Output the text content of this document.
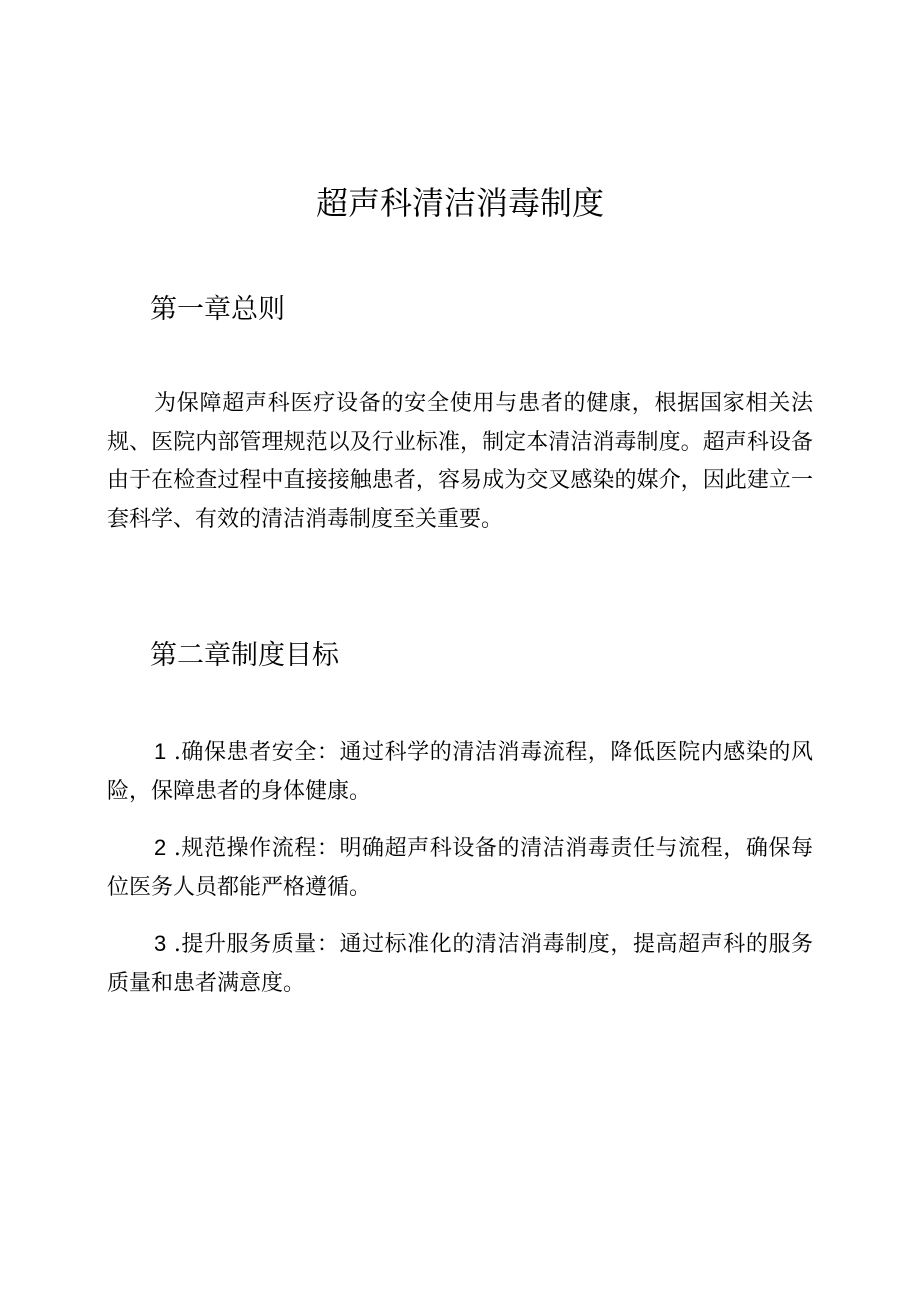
超声科清洁消毒制度
第一章总则

为保障超声科医疗设备的安全使用与患者的健康，根据国家相关法规、医院内部管理规范以及行业标准，制定本清洁消毒制度。超声科设备由于在检查过程中直接接触患者，容易成为交叉感染的媒介，因此建立一套科学、有效的清洁消毒制度至关重要。

第二章制度目标

1 .确保患者安全：通过科学的清洁消毒流程，降低医院内感染的风险，保障患者的身体健康。

2 .规范操作流程：明确超声科设备的清洁消毒责任与流程，确保每位医务人员都能严格遵循。

3 .提升服务质量：通过标准化的清洁消毒制度，提高超声科的服务质量和患者满意度。
